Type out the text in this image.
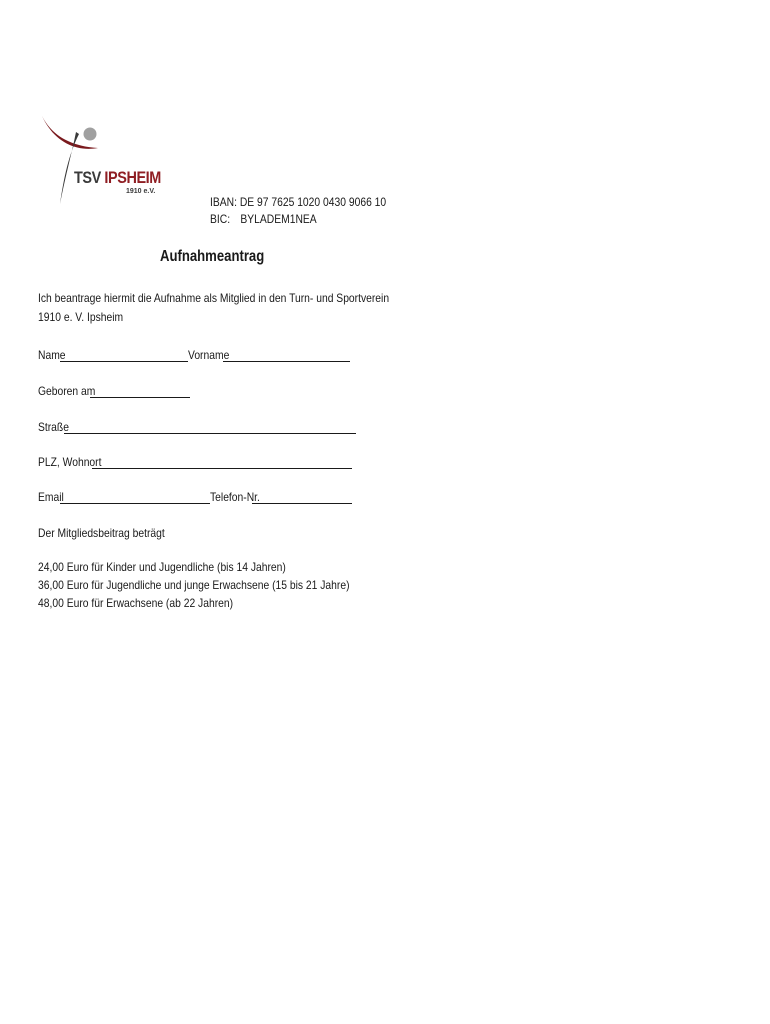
TSV IPSHEIM
1910 e.V.
IBAN: DE 97 7625 1020 0430 9066 10
BIC: BYLADEM1NEA
Aufnahmeantrag
Ich beantrage hiermit die Aufnahme als Mitglied in den Turn- und Sportverein
1910 e. V. Ipsheim
Name	Vorname
Geboren am
Straße
PLZ, Wohnort
Email	Telefon-Nr.
Der Mitgliedsbeitrag beträgt
24,00 Euro für Kinder und Jugendliche (bis 14 Jahren)
36,00 Euro für Jugendliche und junge Erwachsene (15 bis 21 Jahre)
48,00 Euro für Erwachsene (ab 22 Jahren)
